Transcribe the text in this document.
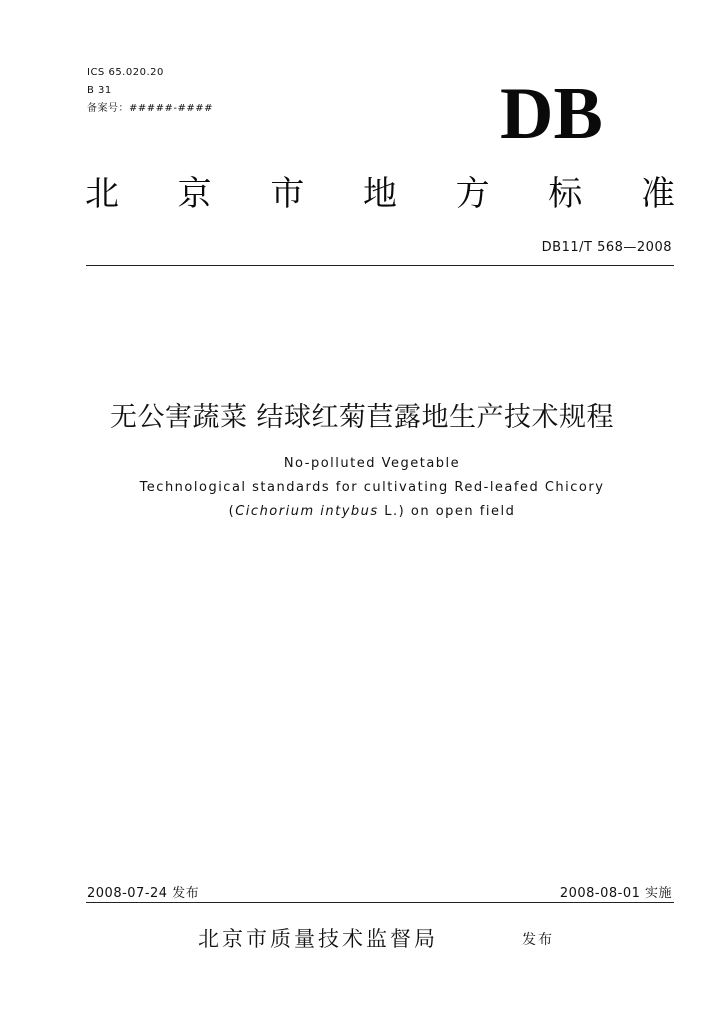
ICS 65.020.20
B 31
备案号：#####-####	DB
北 京 市 地 方 标 准
DB11/T 568—2008
无公害蔬菜 结球红菊苣露地生产技术规程
No-polluted Vegetable
Technological standards for cultivating Red-leafed Chicory
(Cichorium intybus L.) on open field
2008-07-24 发布	2008-08-01 实施
北京市质量技术监督局	发布
